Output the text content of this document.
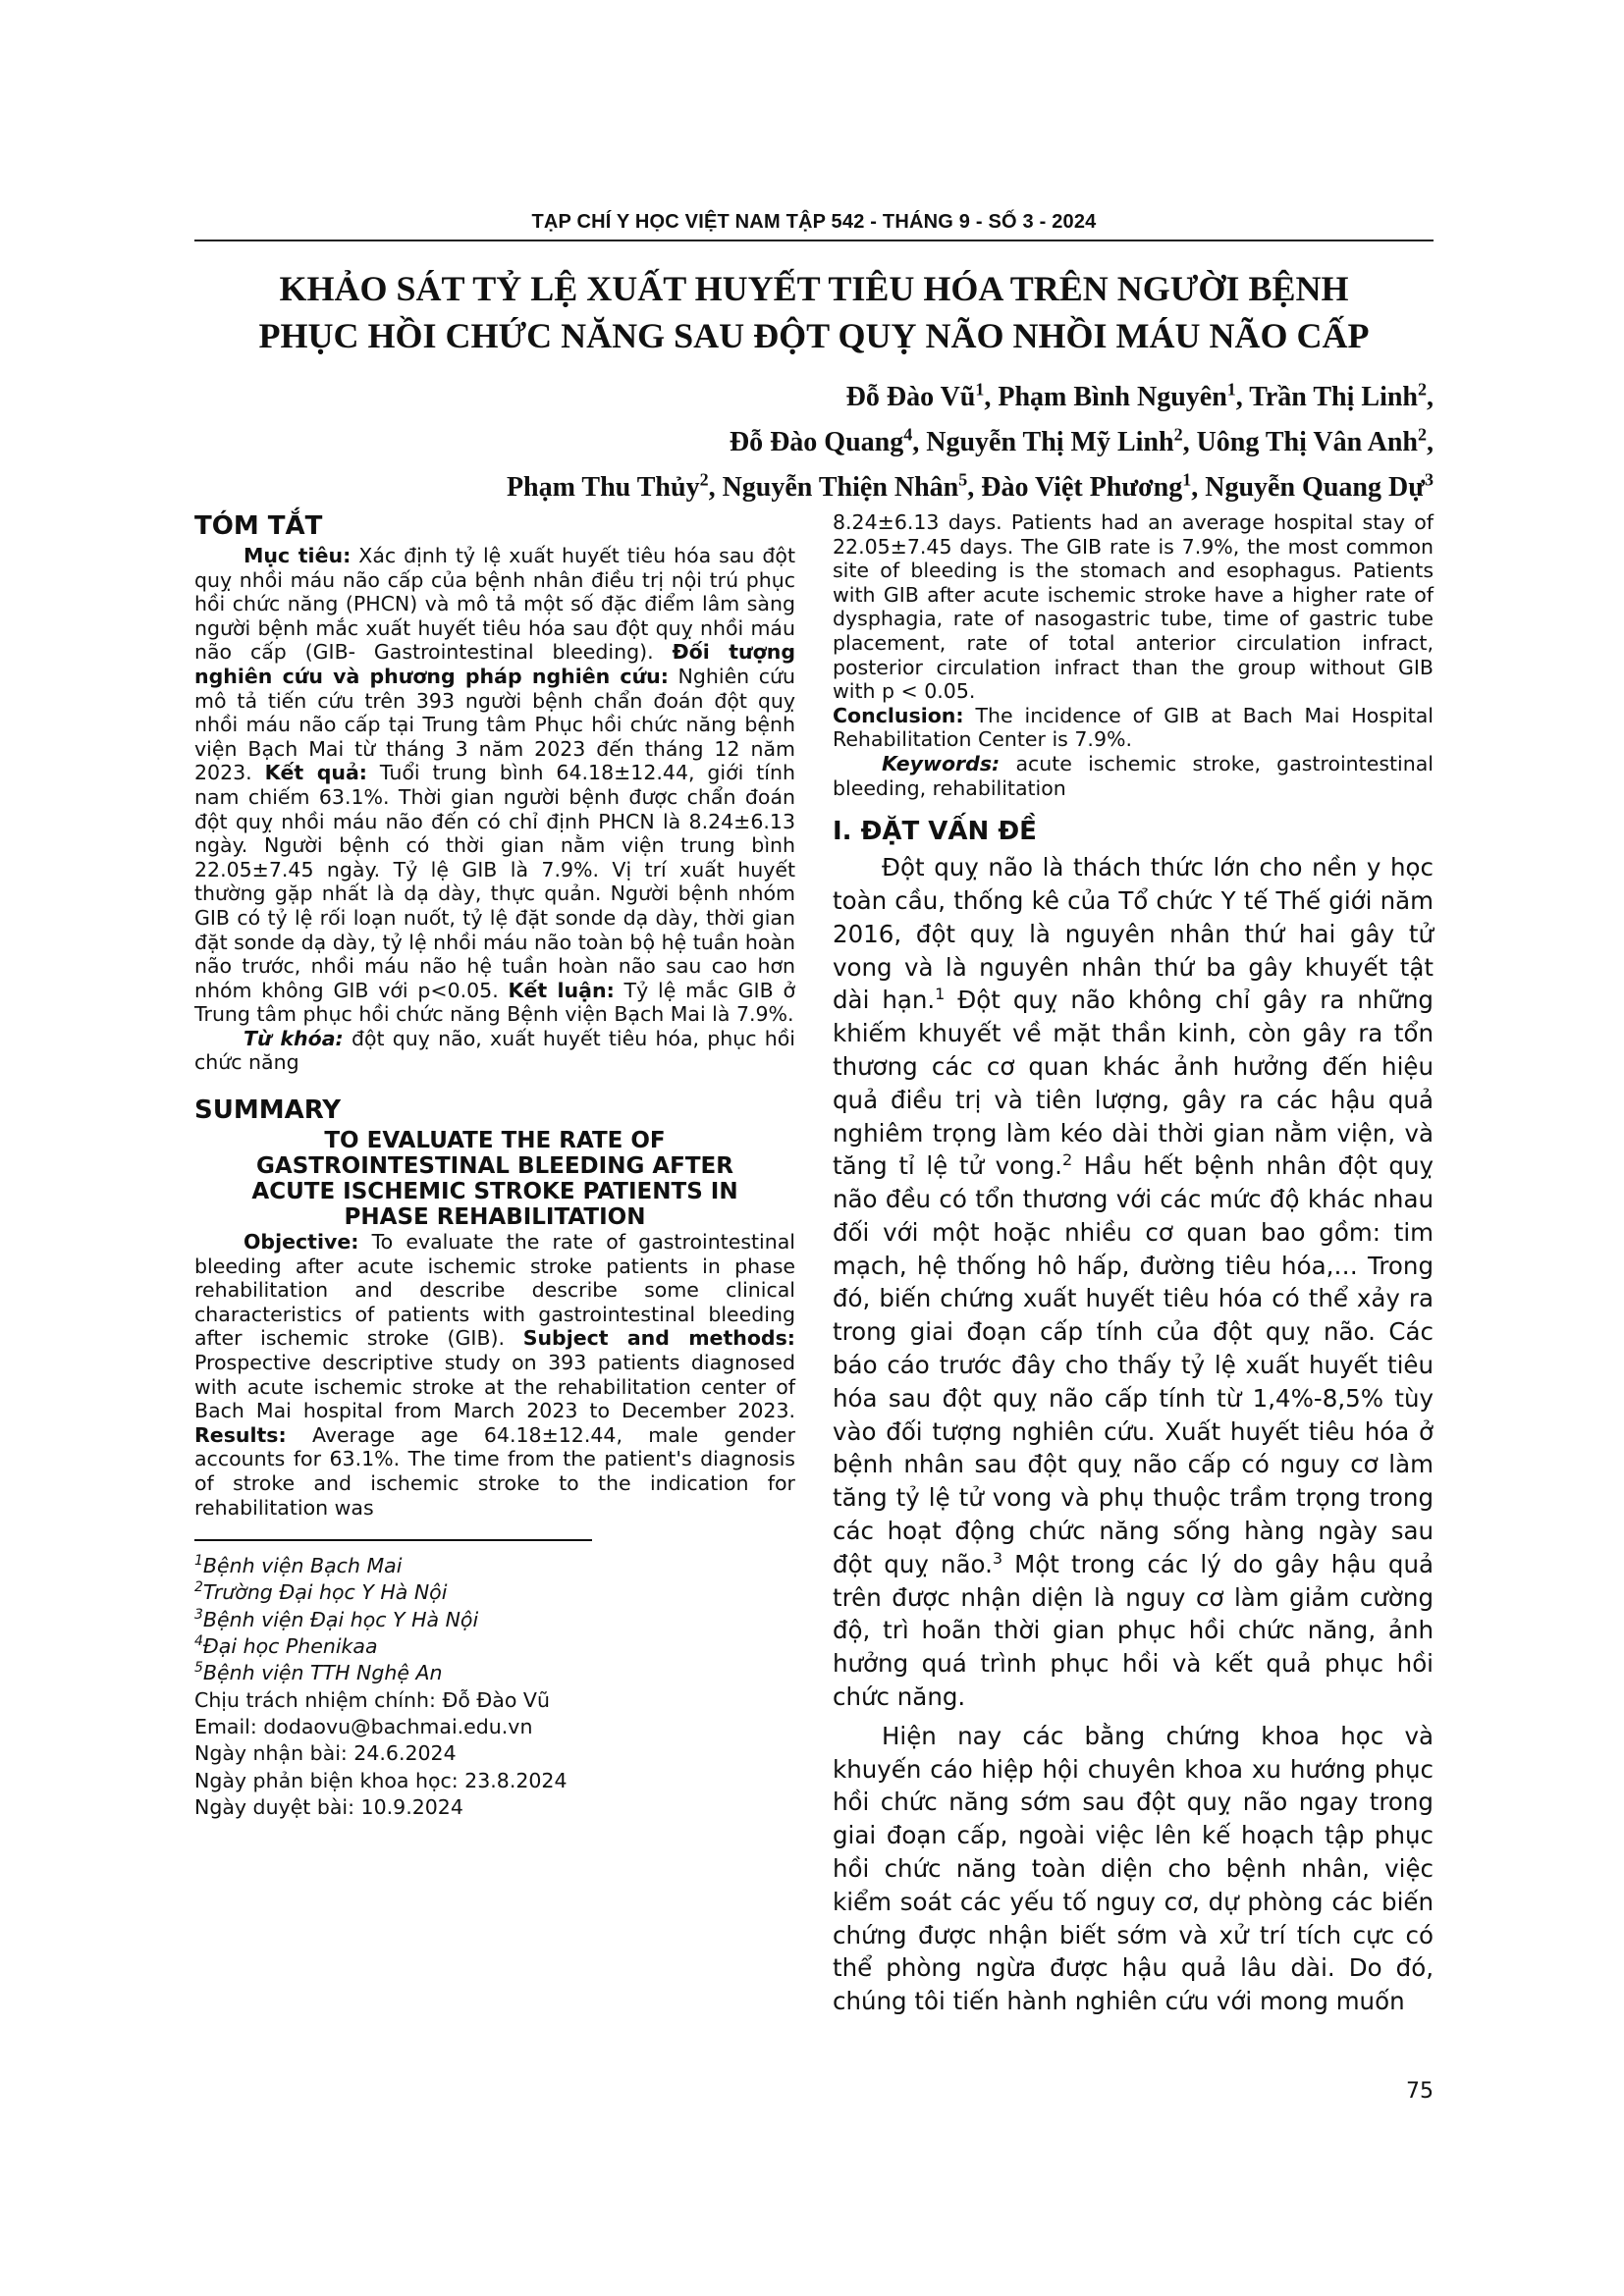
TẠP CHÍ Y HỌC VIỆT NAM TẬP 542 - THÁNG 9 - SỐ 3 - 2024
KHẢO SÁT TỶ LỆ XUẤT HUYẾT TIÊU HÓA TRÊN NGƯỜI BỆNH
PHỤC HỒI CHỨC NĂNG SAU ĐỘT QUỴ NÃO NHỒI MÁU NÃO CẤP
Đỗ Đào $Vũ^1$, Phạm Bình Nguyên$^1$, Trần Thị Linh$^2$,
Đỗ Đào Quang$^4$, Nguyễn Thị Mỹ Linh$^2$, Uông Thị Vân Anh$^2$,
Phạm Thu Thủy$^2$, Nguyễn Thiện Nhân$^5$, Đào Việt Phương$^1$, Nguyễn Quang Dự$^3$
TÓM TẮT

Mục tiêu: Xác định tỷ lệ xuất huyết tiêu hóa sau đột quỵ nhồi máu não cấp của bệnh nhân điều trị nội trú phục hồi chức năng (PHCN) và mô tả một số đặc điểm lâm sàng người bệnh mắc xuất huyết tiêu hóa sau đột quỵ nhồi máu não cấp (GIB- Gastrointestinal bleeding). Đối tượng nghiên cứu và phương pháp nghiên cứu: Nghiên cứu mô tả tiến cứu trên 393 người bệnh chẩn đoán đột quỵ nhồi máu não cấp tại Trung tâm Phục hồi chức năng bệnh viện Bạch Mai từ tháng 3 năm 2023 đến tháng 12 năm 2023. Kết quả: Tuổi trung bình 64.18±12.44, giới tính nam chiếm 63.1%. Thời gian người bệnh được chẩn đoán đột quỵ nhồi máu não đến có chỉ định PHCN là 8.24±6.13 ngày. Người bệnh có thời gian nằm viện trung bình 22.05±7.45 ngày. Tỷ lệ GIB là 7.9%. Vị trí xuất huyết thường gặp nhất là dạ dày, thực quản. Người bệnh nhóm GIB có tỷ lệ rối loạn nuốt, tỷ lệ đặt sonde dạ dày, thời gian đặt sonde dạ dày, tỷ lệ nhồi máu não toàn bộ hệ tuần hoàn não trước, nhồi máu não hệ tuần hoàn não sau cao hơn nhóm không GIB với p<0.05. Kết luận: Tỷ lệ mắc GIB ở Trung tâm phục hồi chức năng Bệnh viện Bạch Mai là 7.9%.

Từ khóa: đột quỵ não, xuất huyết tiêu hóa, phục hồi chức năng

SUMMARY
TO EVALUATE THE RATE OF
GASTROINTESTINAL BLEEDING AFTER
ACUTE ISCHEMIC STROKE PATIENTS IN
PHASE REHABILITATION

Objective: To evaluate the rate of gastrointestinal bleeding after acute ischemic stroke patients in phase rehabilitation and describe describe some clinical characteristics of patients with gastrointestinal bleeding after ischemic stroke (GIB). Subject and methods: Prospective descriptive study on 393 patients diagnosed with acute ischemic stroke at the rehabilitation center of Bach Mai hospital from March 2023 to December 2023. Results: Average age 64.18±12.44, male gender accounts for 63.1%. The time from the patient's diagnosis of stroke and ischemic stroke to the indication for rehabilitation was

$^1$Bệnh viện Bạch Mai
$^2$Trường Đại học Y Hà Nội
$^3$Bệnh viện Đại học Y Hà Nội
$^4$Đại học Phenikaa
$^5$Bệnh viện TTH Nghệ An
Chịu trách nhiệm chính: Đỗ Đào Vũ
Email: dodaovu@bachmai.edu.vn
Ngày nhận bài: 24.6.2024
Ngày phản biện khoa học: 23.8.2024
Ngày duyệt bài: 10.9.2024

8.24±6.13 days. Patients had an average hospital stay of 22.05±7.45 days. The GIB rate is 7.9%, the most common site of bleeding is the stomach and esophagus. Patients with GIB after acute ischemic stroke have a higher rate of dysphagia, rate of nasogastric tube, time of gastric tube placement, rate of total anterior circulation infract, posterior circulation infract than the group without GIB with p < 0.05.

Conclusion: The incidence of GIB at Bach Mai Hospital Rehabilitation Center is 7.9%.

Keywords: acute ischemic stroke, gastrointestinal bleeding, rehabilitation

I. ĐẶT VẤN ĐỀ

Đột quỵ não là thách thức lớn cho nền y học toàn cầu, thống kê của Tổ chức Y tế Thế giới năm 2016, đột quỵ là nguyên nhân thứ hai gây tử vong và là nguyên nhân thứ ba gây khuyết tật dài hạn.$^1$ Đột quỵ não không chỉ gây ra những khiếm khuyết về mặt thần kinh, còn gây ra tổn thương các cơ quan khác ảnh hưởng đến hiệu quả điều trị và tiên lượng, gây ra các hậu quả nghiêm trọng làm kéo dài thời gian nằm viện, và tăng tỉ lệ tử vong.$^2$ Hầu hết bệnh nhân đột quỵ não đều có tổn thương với các mức độ khác nhau đối với một hoặc nhiều cơ quan bao gồm: tim mạch, hệ thống hô hấp, đường tiêu hóa,… Trong đó, biến chứng xuất huyết tiêu hóa có thể xảy ra trong giai đoạn cấp tính của đột quỵ não. Các báo cáo trước đây cho thấy tỷ lệ xuất huyết tiêu hóa sau đột quỵ não cấp tính từ 1,4%-8,5% tùy vào đối tượng nghiên cứu. Xuất huyết tiêu hóa ở bệnh nhân sau đột quỵ não cấp có nguy cơ làm tăng tỷ lệ tử vong và phụ thuộc trầm trọng trong các hoạt động chức năng sống hàng ngày sau đột quỵ não.$^3$ Một trong các lý do gây hậu quả trên được nhận diện là nguy cơ làm giảm cường độ, trì hoãn thời gian phục hồi chức năng, ảnh hưởng quá trình phục hồi và kết quả phục hồi chức năng.

Hiện nay các bằng chứng khoa học và khuyến cáo hiệp hội chuyên khoa xu hướng phục hồi chức năng sớm sau đột quỵ não ngay trong giai đoạn cấp, ngoài việc lên kế hoạch tập phục hồi chức năng toàn diện cho bệnh nhân, việc kiểm soát các yếu tố nguy cơ, dự phòng các biến chứng được nhận biết sớm và xử trí tích cực có thể phòng ngừa được hậu quả lâu dài. Do đó, chúng tôi tiến hành nghiên cứu với mong muốn

75
